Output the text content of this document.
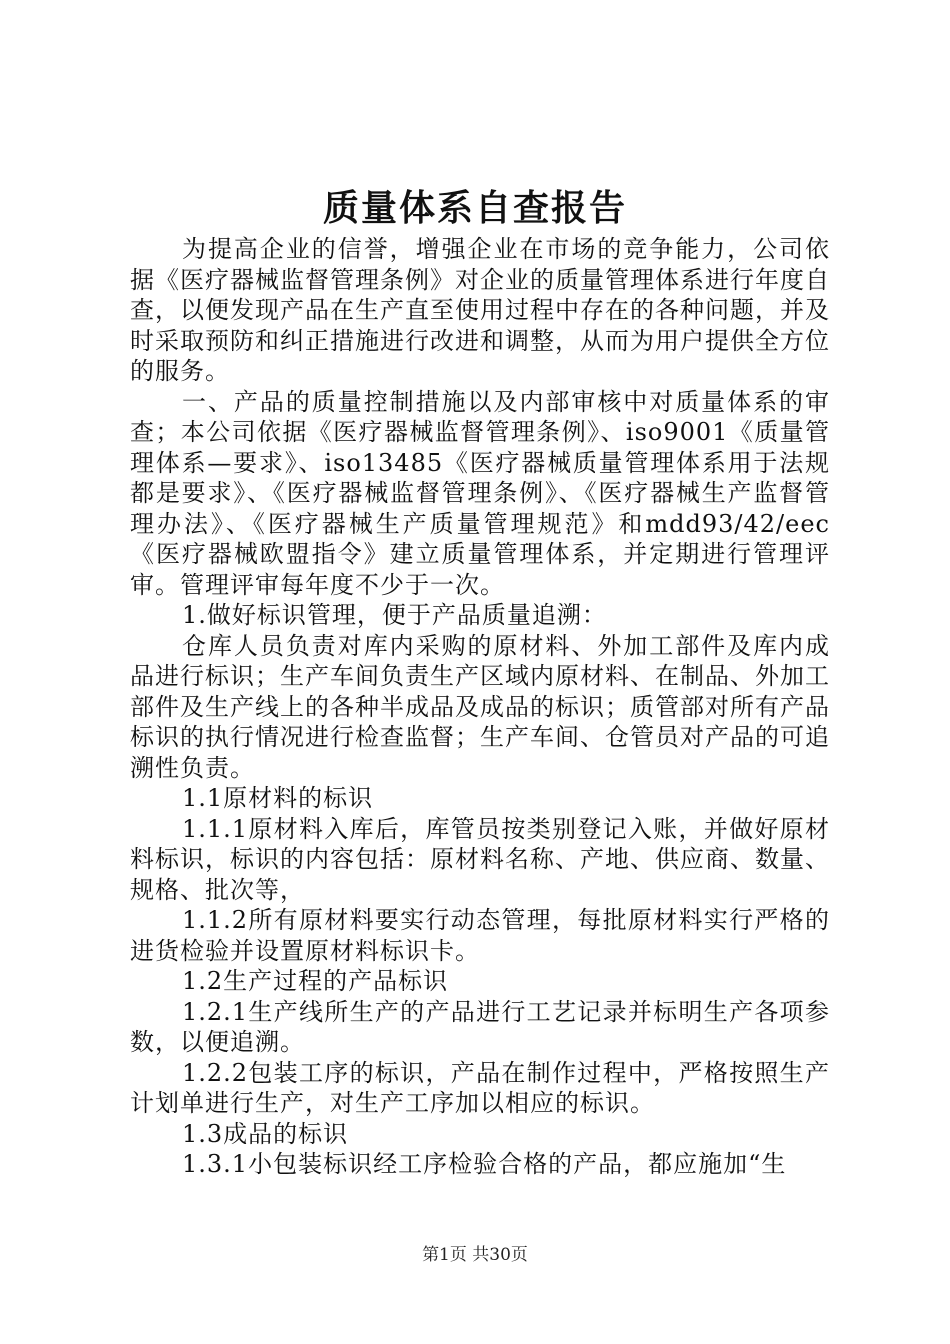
质量体系自查报告

为提高企业的信誉，增强企业在市场的竞争能力，公司依据《医疗器械监督管理条例》对企业的质量管理体系进行年度自查，以便发现产品在生产直至使用过程中存在的各种问题，并及时采取预防和纠正措施进行改进和调整，从而为用户提供全方位的服务。

一、产品的质量控制措施以及内部审核中对质量体系的审查；本公司依据《医疗器械监督管理条例》、iso9001《质量管理体系—要求》、iso13485《医疗器械质量管理体系用于法规都是要求》、《医疗器械监督管理条例》、《医疗器械生产监督管理办法》、《医疗器械生产质量管理规范》和mdd93/42/eec《医疗器械欧盟指令》建立质量管理体系，并定期进行管理评审。管理评审每年度不少于一次。

1.做好标识管理，便于产品质量追溯：

仓库人员负责对库内采购的原材料、外加工部件及库内成品进行标识；生产车间负责生产区域内原材料、在制品、外加工部件及生产线上的各种半成品及成品的标识；质管部对所有产品标识的执行情况进行检查监督；生产车间、仓管员对产品的可追溯性负责。

1.1原材料的标识

1.1.1原材料入库后，库管员按类别登记入账，并做好原材料标识，标识的内容包括：原材料名称、产地、供应商、数量、规格、批次等，

1.1.2所有原材料要实行动态管理，每批原材料实行严格的进货检验并设置原材料标识卡。

1.2生产过程的产品标识

1.2.1生产线所生产的产品进行工艺记录并标明生产各项参数，以便追溯。

1.2.2包装工序的标识，产品在制作过程中，严格按照生产计划单进行生产，对生产工序加以相应的标识。

1.3成品的标识

1.3.1小包装标识经工序检验合格的产品，都应施加“生

第1页 共30页
